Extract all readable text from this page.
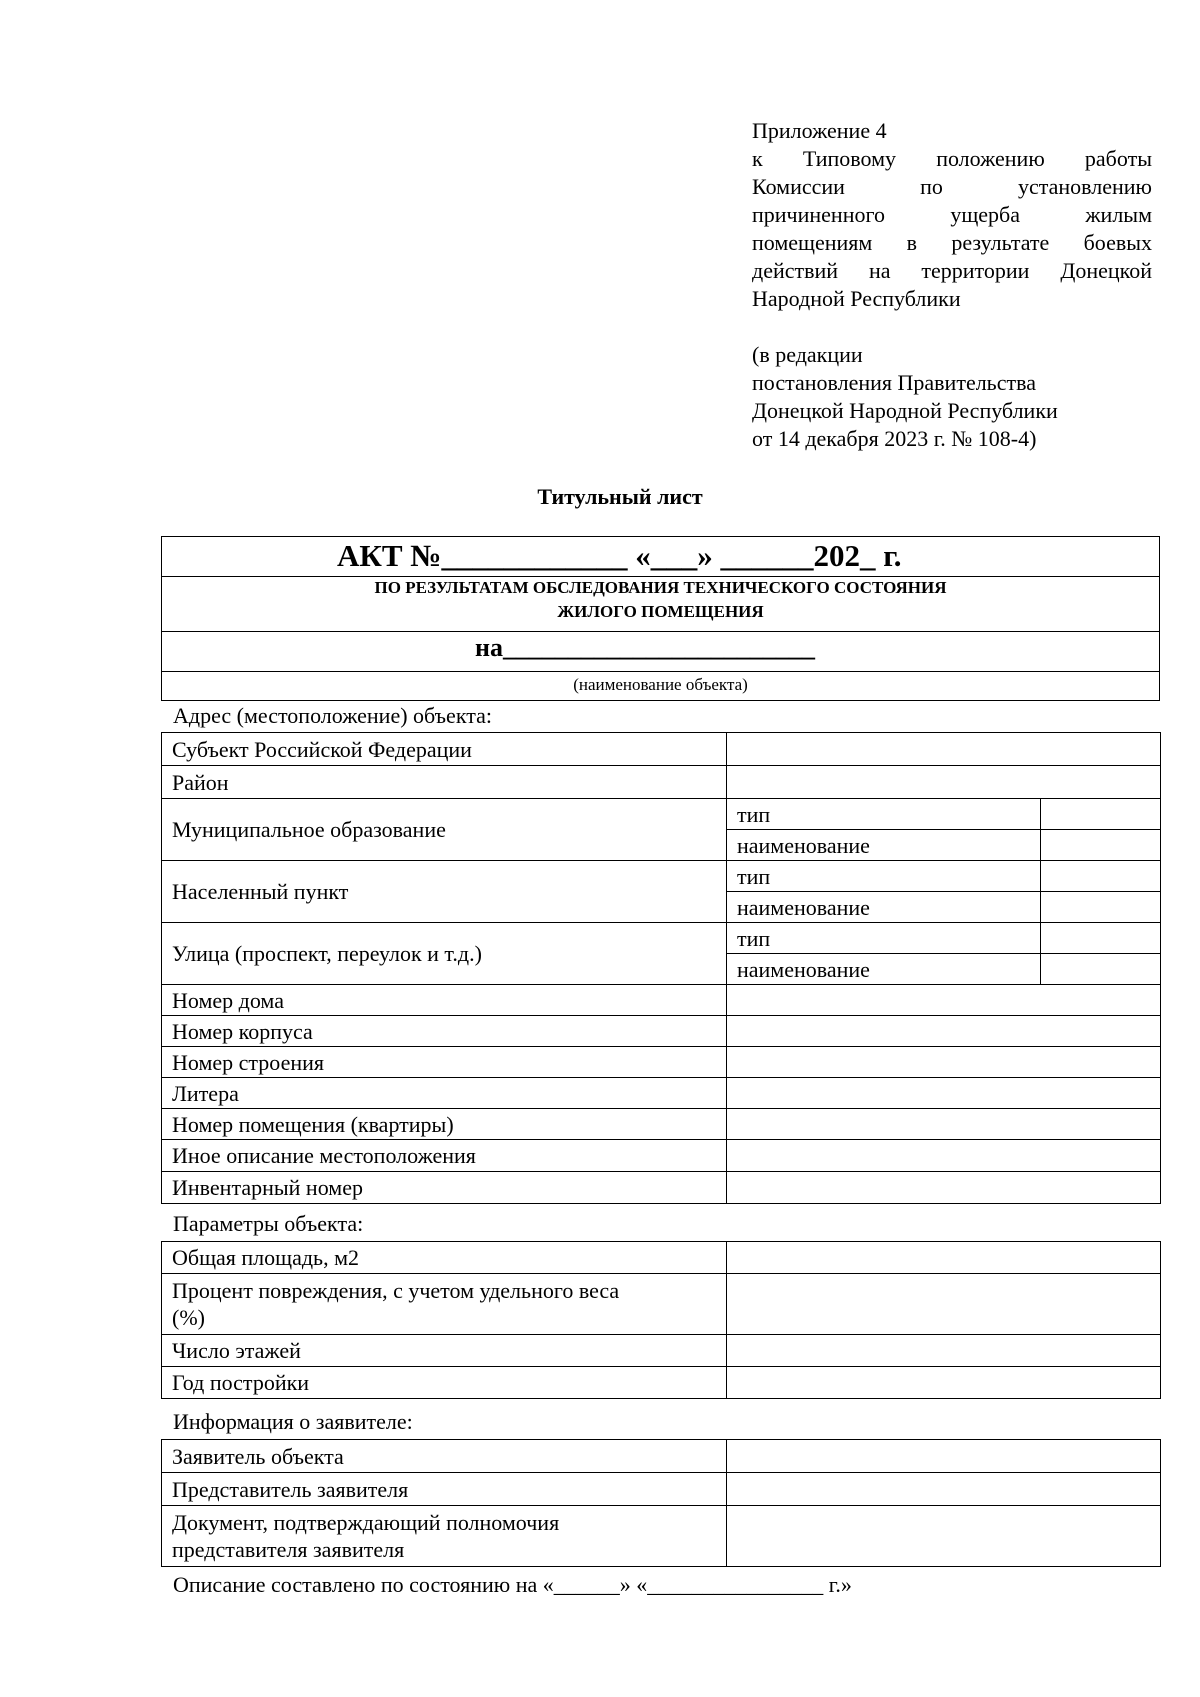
Приложение 4
к Типовому положению работы
Комиссии по установлению
причиненного ущерба жилым
помещениям в результате боевых
действий на территории Донецкой
Народной Республики
(в редакции
постановления Правительства
Донецкой Народной Республики
от 14 декабря 2023 г. № 108-4)
Титульный лист
АКТ №____________ «___» ______202_ г.
ПО РЕЗУЛЬТАТАМ ОБСЛЕДОВАНИЯ ТЕХНИЧЕСКОГО СОСТОЯНИЯ
ЖИЛОГО ПОМЕЩЕНИЯ
на________________________
(наименование объекта)
Адрес (местоположение) объекта:
Субъект Российской Федерации		
Район		
Муниципальное образование	тип	
	наименование	
Населенный пункт	тип	
	наименование	
Улица (проспект, переулок и т.д.)	тип	
	наименование	
Номер дома		
Номер корпуса		
Номер строения		
Литера		
Номер помещения (квартиры)		
Иное описание местоположения		
Инвентарный номер		
Параметры объекта:
Общая площадь, м2	

Процент повреждения, с учетом удельного веса
(%)	

Число этажей	
Год постройки	
Информация о заявителе:
Заявитель объекта	
Представитель заявителя	

Документ, подтверждающий полномочия
представителя заявителя	

Описание составлено по состоянию на «______» «________________ г.»
